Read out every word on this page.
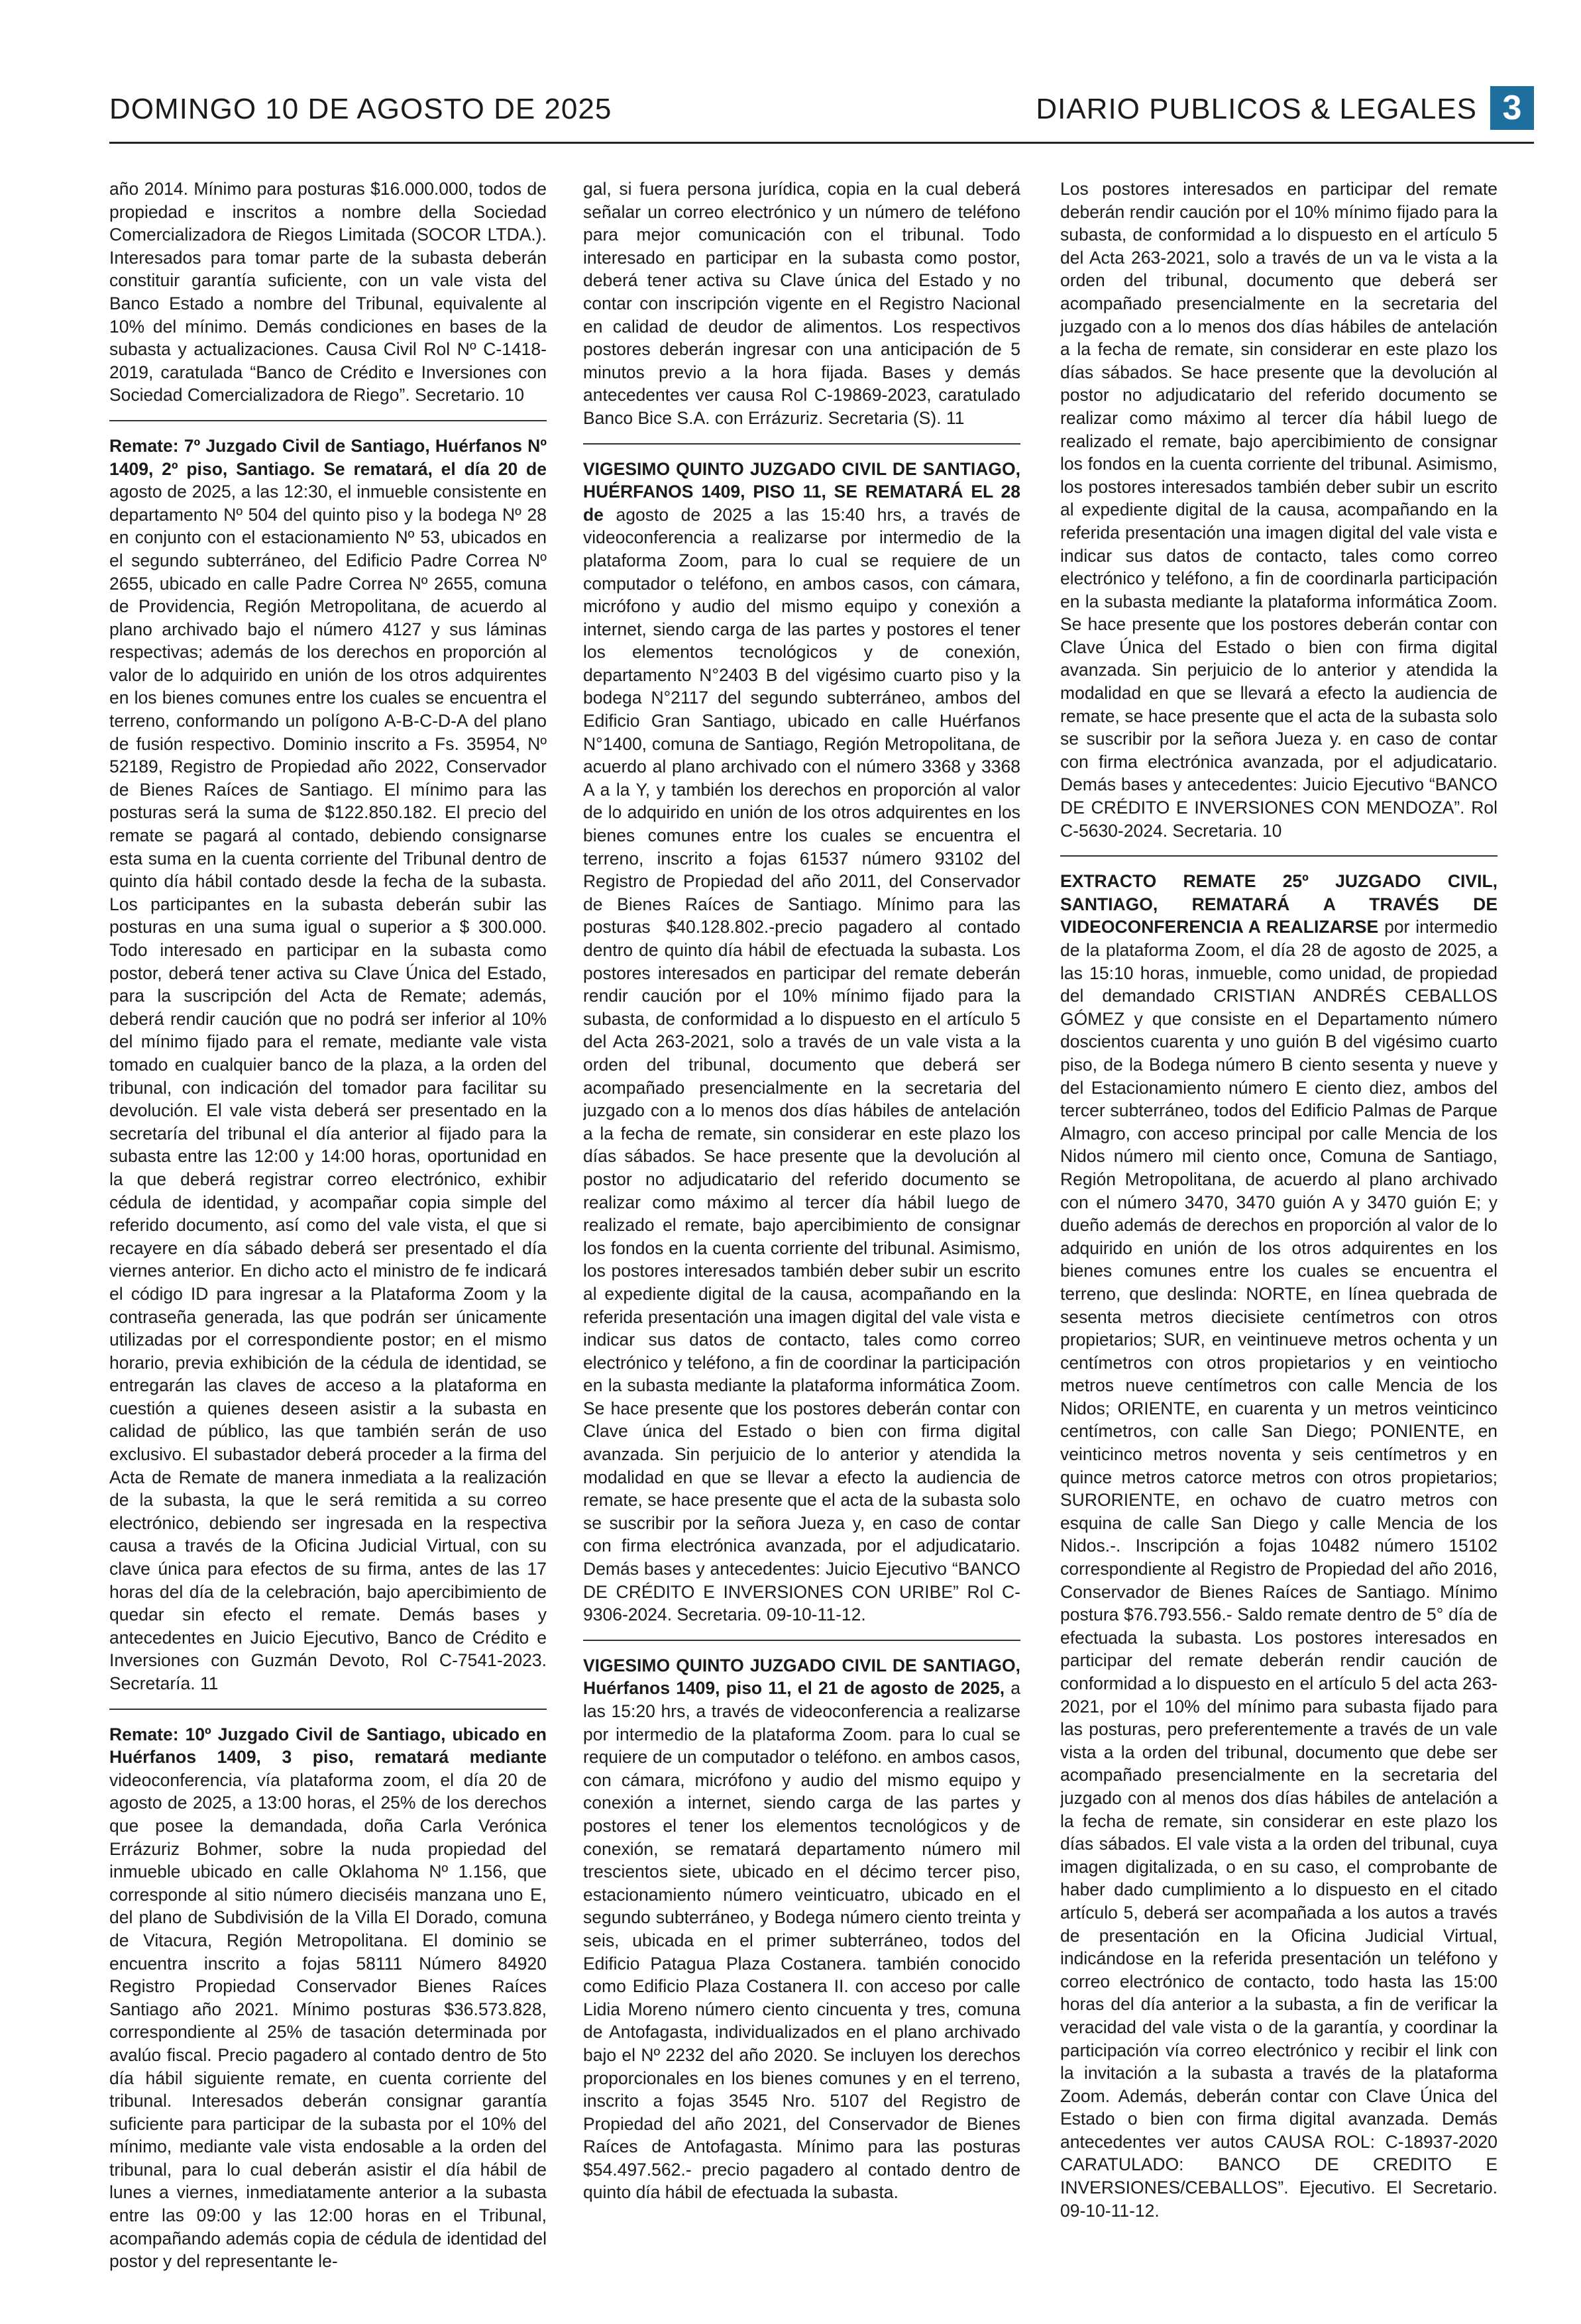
DOMINGO 10 DE AGOSTO DE 2025	DIARIO PUBLICOS & LEGALES 3

año 2014. Mínimo para posturas $16.000.000, todos de propiedad e inscritos a nombre della Sociedad Comercializadora de Riegos Limitada (SOCOR LTDA.). Interesados para tomar parte de la subasta deberán constituir garantía suficiente, con un vale vista del Banco Estado a nombre del Tribunal, equivalente al 10% del mínimo. Demás condiciones en bases de la subasta y actualizaciones. Causa Civil Rol Nº C-1418-2019, caratulada “Banco de Crédito e Inversiones con Sociedad Comercializadora de Riego”. Secretario. 10

Remate: 7º Juzgado Civil de Santiago, Huérfanos Nº 1409, 2º piso, Santiago. Se rematará, el día 20 de agosto de 2025, a las 12:30, el inmueble consistente en departamento Nº 504 del quinto piso y la bodega Nº 28 en conjunto con el estacionamiento Nº 53, ubicados en el segundo subterráneo, del Edificio Padre Correa Nº 2655, ubicado en calle Padre Correa Nº 2655, comuna de Providencia, Región Metropolitana, de acuerdo al plano archivado bajo el número 4127 y sus láminas respectivas; además de los derechos en proporción al valor de lo adquirido en unión de los otros adquirentes en los bienes comunes entre los cuales se encuentra el terreno, conformando un polígono A-B-C-D-A del plano de fusión respectivo. Dominio inscrito a Fs. 35954, Nº 52189, Registro de Propiedad año 2022, Conservador de Bienes Raíces de Santiago. El mínimo para las posturas será la suma de $122.850.182. El precio del remate se pagará al contado, debiendo consignarse esta suma en la cuenta corriente del Tribunal dentro de quinto día hábil contado desde la fecha de la subasta. Los participantes en la subasta deberán subir las posturas en una suma igual o superior a $ 300.000. Todo interesado en participar en la subasta como postor, deberá tener activa su Clave Única del Estado, para la suscripción del Acta de Remate; además, deberá rendir caución que no podrá ser inferior al 10% del mínimo fijado para el remate, mediante vale vista tomado en cualquier banco de la plaza, a la orden del tribunal, con indicación del tomador para facilitar su devolución. El vale vista deberá ser presentado en la secretaría del tribunal el día anterior al fijado para la subasta entre las 12:00 y 14:00 horas, oportunidad en la que deberá registrar correo electrónico, exhibir cédula de identidad, y acompañar copia simple del referido documento, así como del vale vista, el que si recayere en día sábado deberá ser presentado el día viernes anterior. En dicho acto el ministro de fe indicará el código ID para ingresar a la Plataforma Zoom y la contraseña generada, las que podrán ser únicamente utilizadas por el correspondiente postor; en el mismo horario, previa exhibición de la cédula de identidad, se entregarán las claves de acceso a la plataforma en cuestión a quienes deseen asistir a la subasta en calidad de público, las que también serán de uso exclusivo. El subastador deberá proceder a la firma del Acta de Remate de manera inmediata a la realización de la subasta, la que le será remitida a su correo electrónico, debiendo ser ingresada en la respectiva causa a través de la Oficina Judicial Virtual, con su clave única para efectos de su firma, antes de las 17 horas del día de la celebración, bajo apercibimiento de quedar sin efecto el remate. Demás bases y antecedentes en Juicio Ejecutivo, Banco de Crédito e Inversiones con Guzmán Devoto, Rol C-7541-2023. Secretaría. 11

Remate: 10º Juzgado Civil de Santiago, ubicado en Huérfanos 1409, 3 piso, rematará mediante videoconferencia, vía plataforma zoom, el día 20 de agosto de 2025, a 13:00 horas, el 25% de los derechos que posee la demandada, doña Carla Verónica Errázuriz Bohmer, sobre la nuda propiedad del inmueble ubicado en calle Oklahoma Nº 1.156, que corresponde al sitio número dieciséis manzana uno E, del plano de Subdivisión de la Villa El Dorado, comuna de Vitacura, Región Metropolitana. El dominio se encuentra inscrito a fojas 58111 Número 84920 Registro Propiedad Conservador Bienes Raíces Santiago año 2021. Mínimo posturas $36.573.828, correspondiente al 25% de tasación determinada por avalúo fiscal. Precio pagadero al contado dentro de 5to día hábil siguiente remate, en cuenta corriente del tribunal. Interesados deberán consignar garantía suficiente para participar de la subasta por el 10% del mínimo, mediante vale vista endosable a la orden del tribunal, para lo cual deberán asistir el día hábil de lunes a viernes, inmediatamente anterior a la subasta entre las 09:00 y las 12:00 horas en el Tribunal, acompañando además copia de cédula de identidad del postor y del representante le-

gal, si fuera persona jurídica, copia en la cual deberá señalar un correo electrónico y un número de teléfono para mejor comunicación con el tribunal. Todo interesado en participar en la subasta como postor, deberá tener activa su Clave única del Estado y no contar con inscripción vigente en el Registro Nacional en calidad de deudor de alimentos. Los respectivos postores deberán ingresar con una anticipación de 5 minutos previo a la hora fijada. Bases y demás antecedentes ver causa Rol C-19869-2023, caratulado Banco Bice S.A. con Errázuriz. Secretaria (S). 11

VIGESIMO QUINTO JUZGADO CIVIL DE SANTIAGO, HUÉRFANOS 1409, PISO 11, SE REMATARÁ EL 28 de agosto de 2025 a las 15:40 hrs, a través de videoconferencia a realizarse por intermedio de la plataforma Zoom, para lo cual se requiere de un computador o teléfono, en ambos casos, con cámara, micrófono y audio del mismo equipo y conexión a internet, siendo carga de las partes y postores el tener los elementos tecnológicos y de conexión, departamento N°2403 B del vigésimo cuarto piso y la bodega N°2117 del segundo subterráneo, ambos del Edificio Gran Santiago, ubicado en calle Huérfanos N°1400, comuna de Santiago, Región Metropolitana, de acuerdo al plano archivado con el número 3368 y 3368 A a la Y, y también los derechos en proporción al valor de lo adquirido en unión de los otros adquirentes en los bienes comunes entre los cuales se encuentra el terreno, inscrito a fojas 61537 número 93102 del Registro de Propiedad del año 2011, del Conservador de Bienes Raíces de Santiago. Mínimo para las posturas $40.128.802.-precio pagadero al contado dentro de quinto día hábil de efectuada la subasta. Los postores interesados en participar del remate deberán rendir caución por el 10% mínimo fijado para la subasta, de conformidad a lo dispuesto en el artículo 5 del Acta 263-2021, solo a través de un vale vista a la orden del tribunal, documento que deberá ser acompañado presencialmente en la secretaria del juzgado con a lo menos dos días hábiles de antelación a la fecha de remate, sin considerar en este plazo los días sábados. Se hace presente que la devolución al postor no adjudicatario del referido documento se realizar como máximo al tercer día hábil luego de realizado el remate, bajo apercibimiento de consignar los fondos en la cuenta corriente del tribunal. Asimismo, los postores interesados también deber subir un escrito al expediente digital de la causa, acompañando en la referida presentación una imagen digital del vale vista e indicar sus datos de contacto, tales como correo electrónico y teléfono, a fin de coordinar la participación en la subasta mediante la plataforma informática Zoom. Se hace presente que los postores deberán contar con Clave única del Estado o bien con firma digital avanzada. Sin perjuicio de lo anterior y atendida la modalidad en que se llevar a efecto la audiencia de remate, se hace presente que el acta de la subasta solo se suscribir por la señora Jueza y, en caso de contar con firma electrónica avanzada, por el adjudicatario. Demás bases y antecedentes: Juicio Ejecutivo “BANCO DE CRÉDITO E INVERSIONES CON URIBE” Rol C-9306-2024. Secretaria. 09-10-11-12.

VIGESIMO QUINTO JUZGADO CIVIL DE SANTIAGO, Huérfanos 1409, piso 11, el 21 de agosto de 2025, a las 15:20 hrs, a través de videoconferencia a realizarse por intermedio de la plataforma Zoom. para lo cual se requiere de un computador o teléfono. en ambos casos, con cámara, micrófono y audio del mismo equipo y conexión a internet, siendo carga de las partes y postores el tener los elementos tecnológicos y de conexión, se rematará departamento número mil trescientos siete, ubicado en el décimo tercer piso, estacionamiento número veinticuatro, ubicado en el segundo subterráneo, y Bodega número ciento treinta y seis, ubicada en el primer subterráneo, todos del Edificio Patagua Plaza Costanera. también conocido como Edificio Plaza Costanera II. con acceso por calle Lidia Moreno número ciento cincuenta y tres, comuna de Antofagasta, individualizados en el plano archivado bajo el Nº 2232 del año 2020. Se incluyen los derechos proporcionales en los bienes comunes y en el terreno, inscrito a fojas 3545 Nro. 5107 del Registro de Propiedad del año 2021, del Conservador de Bienes Raíces de Antofagasta. Mínimo para las posturas $54.497.562.- precio pagadero al contado dentro de quinto día hábil de efectuada la subasta.

Los postores interesados en participar del remate deberán rendir caución por el 10% mínimo fijado para la subasta, de conformidad a lo dispuesto en el artículo 5 del Acta 263-2021, solo a través de un va le vista a la orden del tribunal, documento que deberá ser acompañado presencialmente en la secretaria del juzgado con a lo menos dos días hábiles de antelación a la fecha de remate, sin considerar en este plazo los días sábados. Se hace presente que la devolución al postor no adjudicatario del referido documento se realizar como máximo al tercer día hábil luego de realizado el remate, bajo apercibimiento de consignar los fondos en la cuenta corriente del tribunal. Asimismo, los postores interesados también deber subir un escrito al expediente digital de la causa, acompañando en la referida presentación una imagen digital del vale vista e indicar sus datos de contacto, tales como correo electrónico y teléfono, a fin de coordinarla participación en la subasta mediante la plataforma informática Zoom. Se hace presente que los postores deberán contar con Clave Única del Estado o bien con firma digital avanzada. Sin perjuicio de lo anterior y atendida la modalidad en que se llevará a efecto la audiencia de remate, se hace presente que el acta de la subasta solo se suscribir por la señora Jueza y. en caso de contar con firma electrónica avanzada, por el adjudicatario. Demás bases y antecedentes: Juicio Ejecutivo “BANCO DE CRÉDITO E INVERSIONES CON MENDOZA”. Rol C-5630-2024. Secretaria. 10

EXTRACTO REMATE 25º JUZGADO CIVIL, SANTIAGO, REMATARÁ A TRAVÉS DE VIDEOCONFERENCIA A REALIZARSE por intermedio de la plataforma Zoom, el día 28 de agosto de 2025, a las 15:10 horas, inmueble, como unidad, de propiedad del demandado CRISTIAN ANDRÉS CEBALLOS GÓMEZ y que consiste en el Departamento número doscientos cuarenta y uno guión B del vigésimo cuarto piso, de la Bodega número B ciento sesenta y nueve y del Estacionamiento número E ciento diez, ambos del tercer subterráneo, todos del Edificio Palmas de Parque Almagro, con acceso principal por calle Mencia de los Nidos número mil ciento once, Comuna de Santiago, Región Metropolitana, de acuerdo al plano archivado con el número 3470, 3470 guión A y 3470 guión E; y dueño además de derechos en proporción al valor de lo adquirido en unión de los otros adquirentes en los bienes comunes entre los cuales se encuentra el terreno, que deslinda: NORTE, en línea quebrada de sesenta metros diecisiete centímetros con otros propietarios; SUR, en veintinueve metros ochenta y un centímetros con otros propietarios y en veintiocho metros nueve centímetros con calle Mencia de los Nidos; ORIENTE, en cuarenta y un metros veinticinco centímetros, con calle San Diego; PONIENTE, en veinticinco metros noventa y seis centímetros y en quince metros catorce metros con otros propietarios; SURORIENTE, en ochavo de cuatro metros con esquina de calle San Diego y calle Mencia de los Nidos.-. Inscripción a fojas 10482 número 15102 correspondiente al Registro de Propiedad del año 2016, Conservador de Bienes Raíces de Santiago. Mínimo postura $76.793.556.- Saldo remate dentro de 5° día de efectuada la subasta. Los postores interesados en participar del remate deberán rendir caución de conformidad a lo dispuesto en el artículo 5 del acta 263-2021, por el 10% del mínimo para subasta fijado para las posturas, pero preferentemente a través de un vale vista a la orden del tribunal, documento que debe ser acompañado presencialmente en la secretaria del juzgado con al menos dos días hábiles de antelación a la fecha de remate, sin considerar en este plazo los días sábados. El vale vista a la orden del tribunal, cuya imagen digitalizada, o en su caso, el comprobante de haber dado cumplimiento a lo dispuesto en el citado artículo 5, deberá ser acompañada a los autos a través de presentación en la Oficina Judicial Virtual, indicándose en la referida presentación un teléfono y correo electrónico de contacto, todo hasta las 15:00 horas del día anterior a la subasta, a fin de verificar la veracidad del vale vista o de la garantía, y coordinar la participación vía correo electrónico y recibir el link con la invitación a la subasta a través de la plataforma Zoom. Además, deberán contar con Clave Única del Estado o bien con firma digital avanzada. Demás antecedentes ver autos CAUSA ROL: C-18937-2020 CARATULADO: BANCO DE CREDITO E INVERSIONES/CEBALLOS”. Ejecutivo. El Secretario. 09-10-11-12.
